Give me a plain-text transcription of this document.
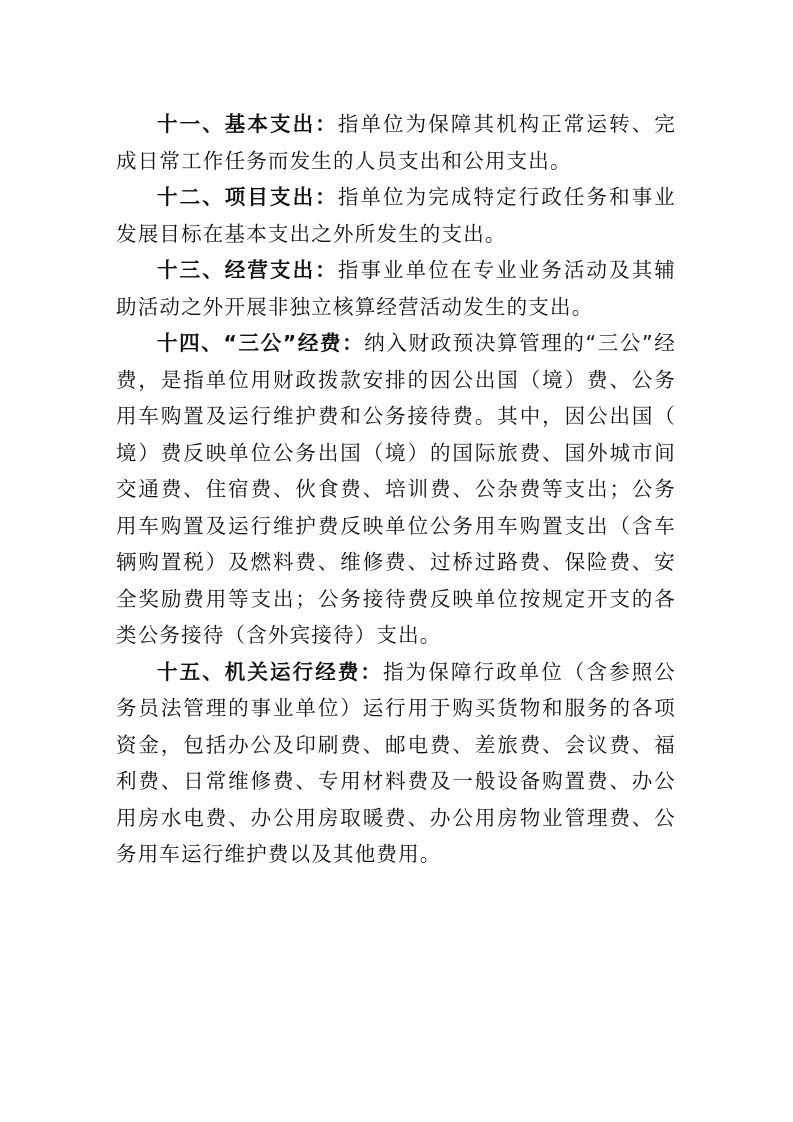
十一、基本支出：指单位为保障其机构正常运转、完成日常工作任务而发生的人员支出和公用支出。

十二、项目支出：指单位为完成特定行政任务和事业发展目标在基本支出之外所发生的支出。

十三、经营支出：指事业单位在专业业务活动及其辅助活动之外开展非独立核算经营活动发生的支出。

十四、“三公”经费：纳入财政预决算管理的“三公”经费，是指单位用财政拨款安排的因公出国（境）费、公务用车购置及运行维护费和公务接待费。其中，因公出国（境）费反映单位公务出国（境）的国际旅费、国外城市间交通费、住宿费、伙食费、培训费、公杂费等支出；公务用车购置及运行维护费反映单位公务用车购置支出（含车辆购置税）及燃料费、维修费、过桥过路费、保险费、安全奖励费用等支出；公务接待费反映单位按规定开支的各类公务接待（含外宾接待）支出。

十五、机关运行经费：指为保障行政单位（含参照公务员法管理的事业单位）运行用于购买货物和服务的各项资金，包括办公及印刷费、邮电费、差旅费、会议费、福利费、日常维修费、专用材料费及一般设备购置费、办公用房水电费、办公用房取暖费、办公用房物业管理费、公务用车运行维护费以及其他费用。
